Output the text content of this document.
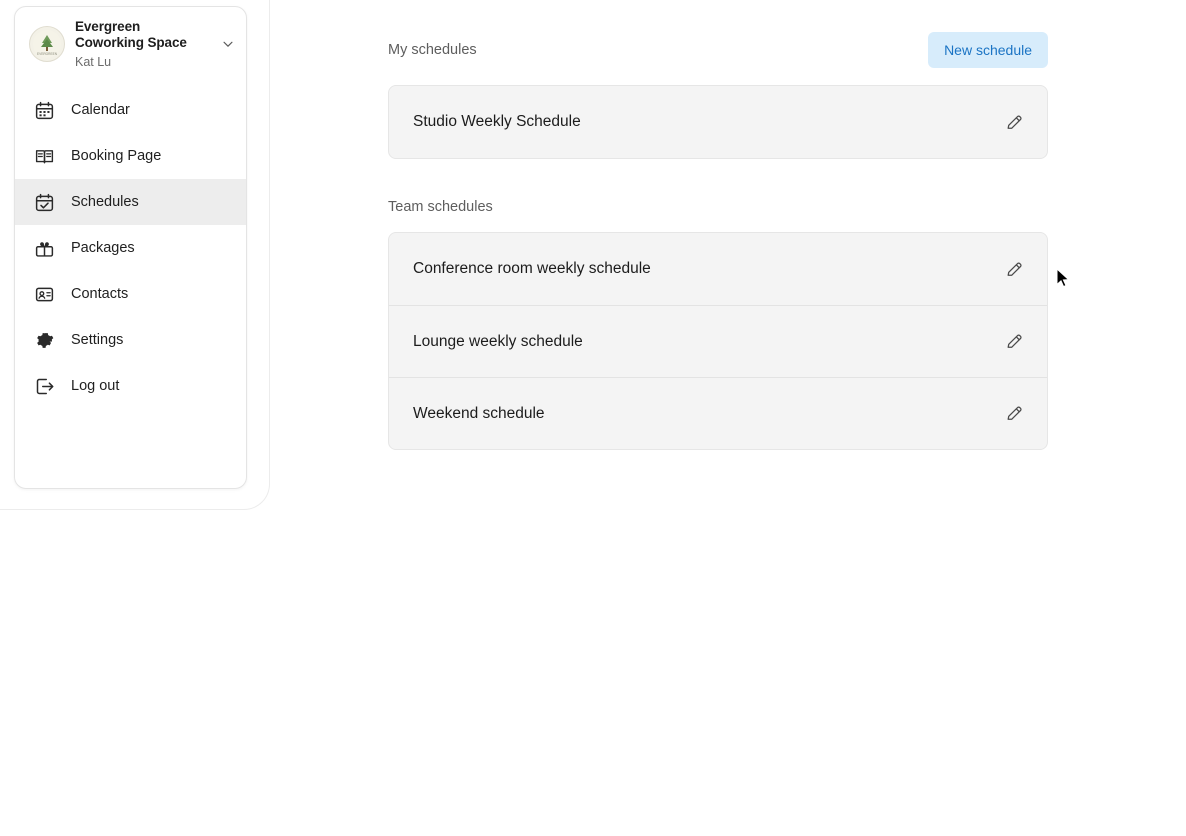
EVERGREEN
Evergreen Coworking Space
Kat Lu
Calendar
Booking Page
Schedules
Packages
Contacts
Settings
Log out
My schedules	New schedule
Studio Weekly Schedule
Team schedules
Conference room weekly schedule
Lounge weekly schedule
Weekend schedule
